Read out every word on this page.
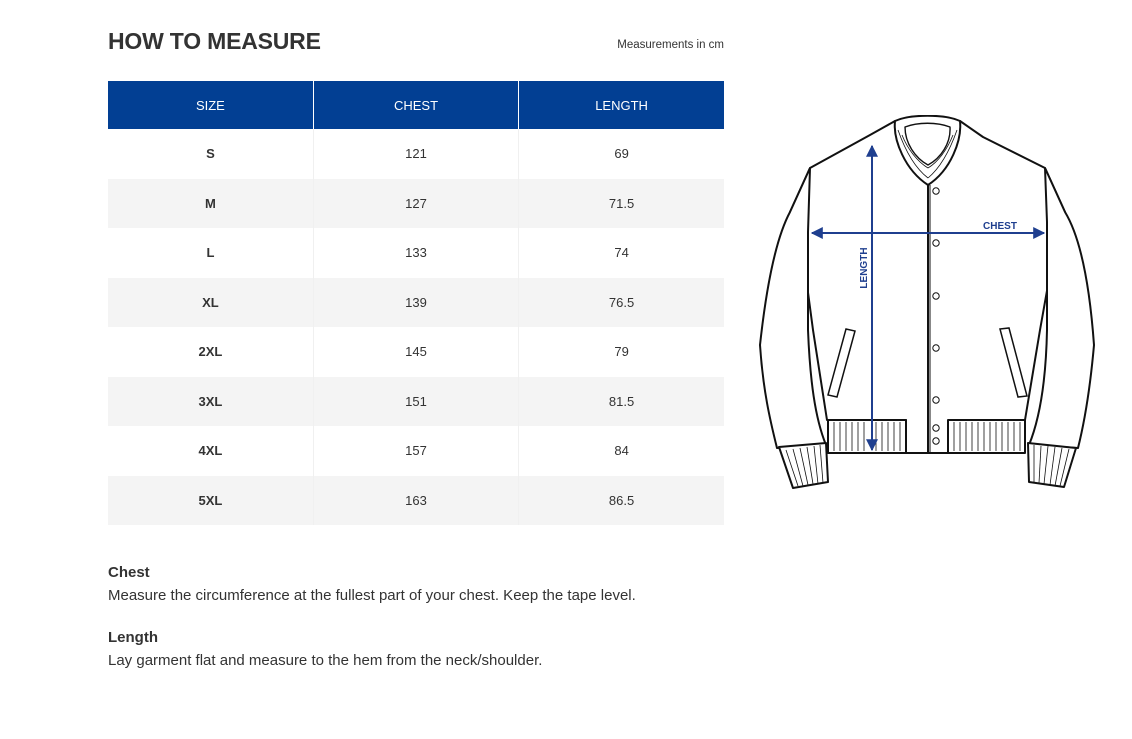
HOW TO MEASURE	Measurements in cm
SIZE	CHEST	LENGTH
S	121	69
M	127	71.5
L	133	74
XL	139	76.5
2XL	145	79
3XL	151	81.5
4XL	157	84
5XL	163	86.5
Chest
Measure the circumference at the fullest part of your chest. Keep the tape level.
Length
Lay garment flat and measure to the hem from the neck/shoulder.
CHEST
LENGTH
